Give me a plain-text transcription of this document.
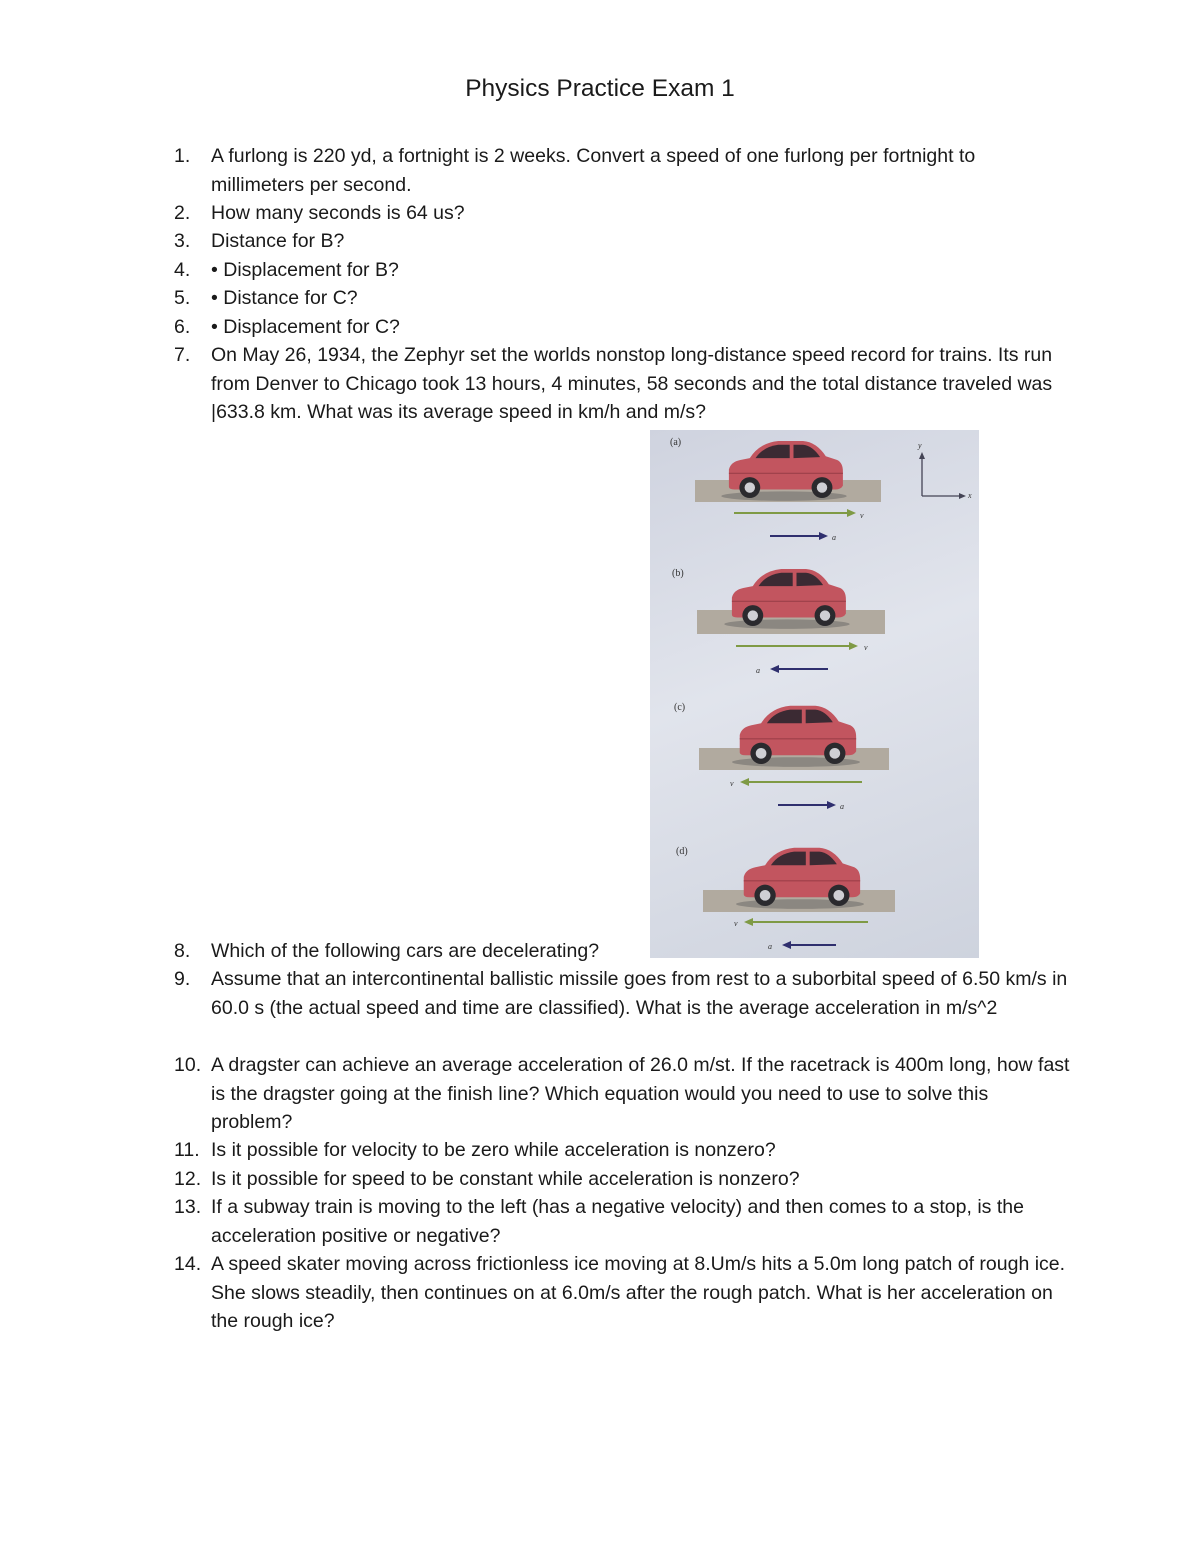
Physics Practice Exam 1
1. A furlong is 220 yd, a fortnight is 2 weeks. Convert a speed of one furlong per fortnight to millimeters per second.
2. How many seconds is 64 us?
3. Distance for B?
4. • Displacement for B?
5. • Distance for C?
6. • Displacement for C?
7. On May 26, 1934, the Zephyr set the worlds nonstop long-distance speed record for trains. Its run from Denver to Chicago took 13 hours, 4 minutes, 58 seconds and the total distance traveled was |633.8 km. What was its average speed in km/h and m/s?
8. Which of the following cars are decelerating?
9. Assume that an intercontinental ballistic missile goes from rest to a suborbital speed of 6.50 km/s in 60.0 s (the actual speed and time are classified). What is the average acceleration in m/s^2
10. A dragster can achieve an average acceleration of 26.0 m/st. If the racetrack is 400m long, how fast is the dragster going at the finish line? Which equation would you need to use to solve this problem?
11. Is it possible for velocity to be zero while acceleration is nonzero?
12. Is it possible for speed to be constant while acceleration is nonzero?
13. If a subway train is moving to the left (has a negative velocity) and then comes to a stop, is the acceleration positive or negative?
14. A speed skater moving across frictionless ice moving at 8.Um/s hits a 5.0m long patch of rough ice. She slows steadily, then continues on at 6.0m/s after the rough patch. What is her acceleration on the rough ice?
(a)
v
a
y
x
(b)
v
a
(c)
v
a
(d)
v
a
